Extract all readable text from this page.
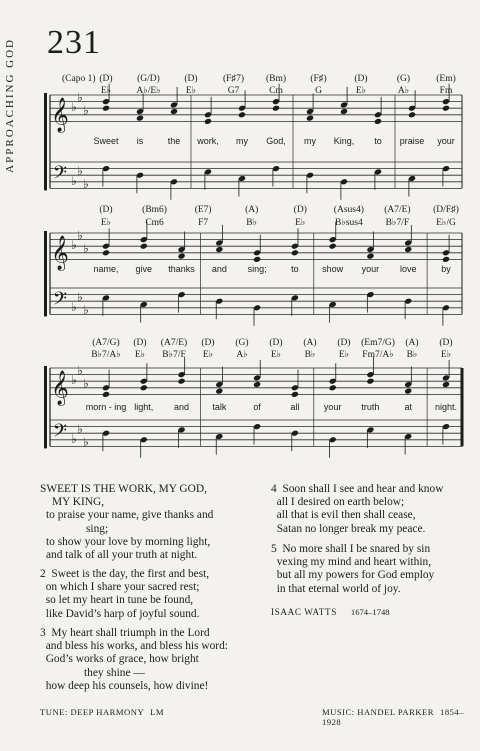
231
APPROACHING GOD	(Capo 1)
𝄞
𝄢
♭
♭
♭
♭
♭
♭
(D)
E♭
(G/D)
A♭/E♭
(D)
E♭
(F♯7)
G7
(Bm)
Cm
(F♯)
G
(D)
E♭
(G)
A♭
(Em)
Fm
Sweet is	the work, my God, my King, to praise your
𝄞
𝄢
♭
♭
♭
♭
♭
♭
(D)
E♭
(Bm6)
Cm6
(E7)
F7
(A)
B♭
(D)
E♭
(Asus4)
B♭sus4
(A7/E)
B♭7/F
(D/F♯)
E♭/G
name, give thanks and sing;	to	show your love	by
𝄞
𝄢
♭
♭
♭
♭
♭
♭
(A7/G)
B♭7/A♭
(D)
E♭
(A7/E)
B♭7/F
(D)
E♭
(G)
A♭
(D)
E♭
(A)
B♭
(D)
E♭
(Em7/G)
Fm7/A♭
(A)
B♭
(D)
E♭
morn - ing light, and	talk	of	all	your truth	at	night.
SWEET IS THE WORK, MY GOD,
MY KING,
to praise your name, give thanks and
sing;
to show your love by morning light,
and talk of all your truth at night.
2 Sweet is the day, the first and best,
on which I share your sacred rest;
so let my heart in tune be found,
like David’s harp of joyful sound.
3 My heart shall triumph in the Lord
and bless his works, and bless his word:
God’s works of grace, how bright
they shine —
how deep his counsels, how divine!
4 Soon shall I see and hear and know
all I desired on earth below;
all that is evil then shall cease,
Satan no longer break my peace.
5 No more shall I be snared by sin
vexing my mind and heart within,
but all my powers for God employ
in that eternal world of joy.
ISAAC WATTS 1674–1748
TUNE: DEEP HARMONY LM	MUSIC: HANDEL PARKER 1854–1928
